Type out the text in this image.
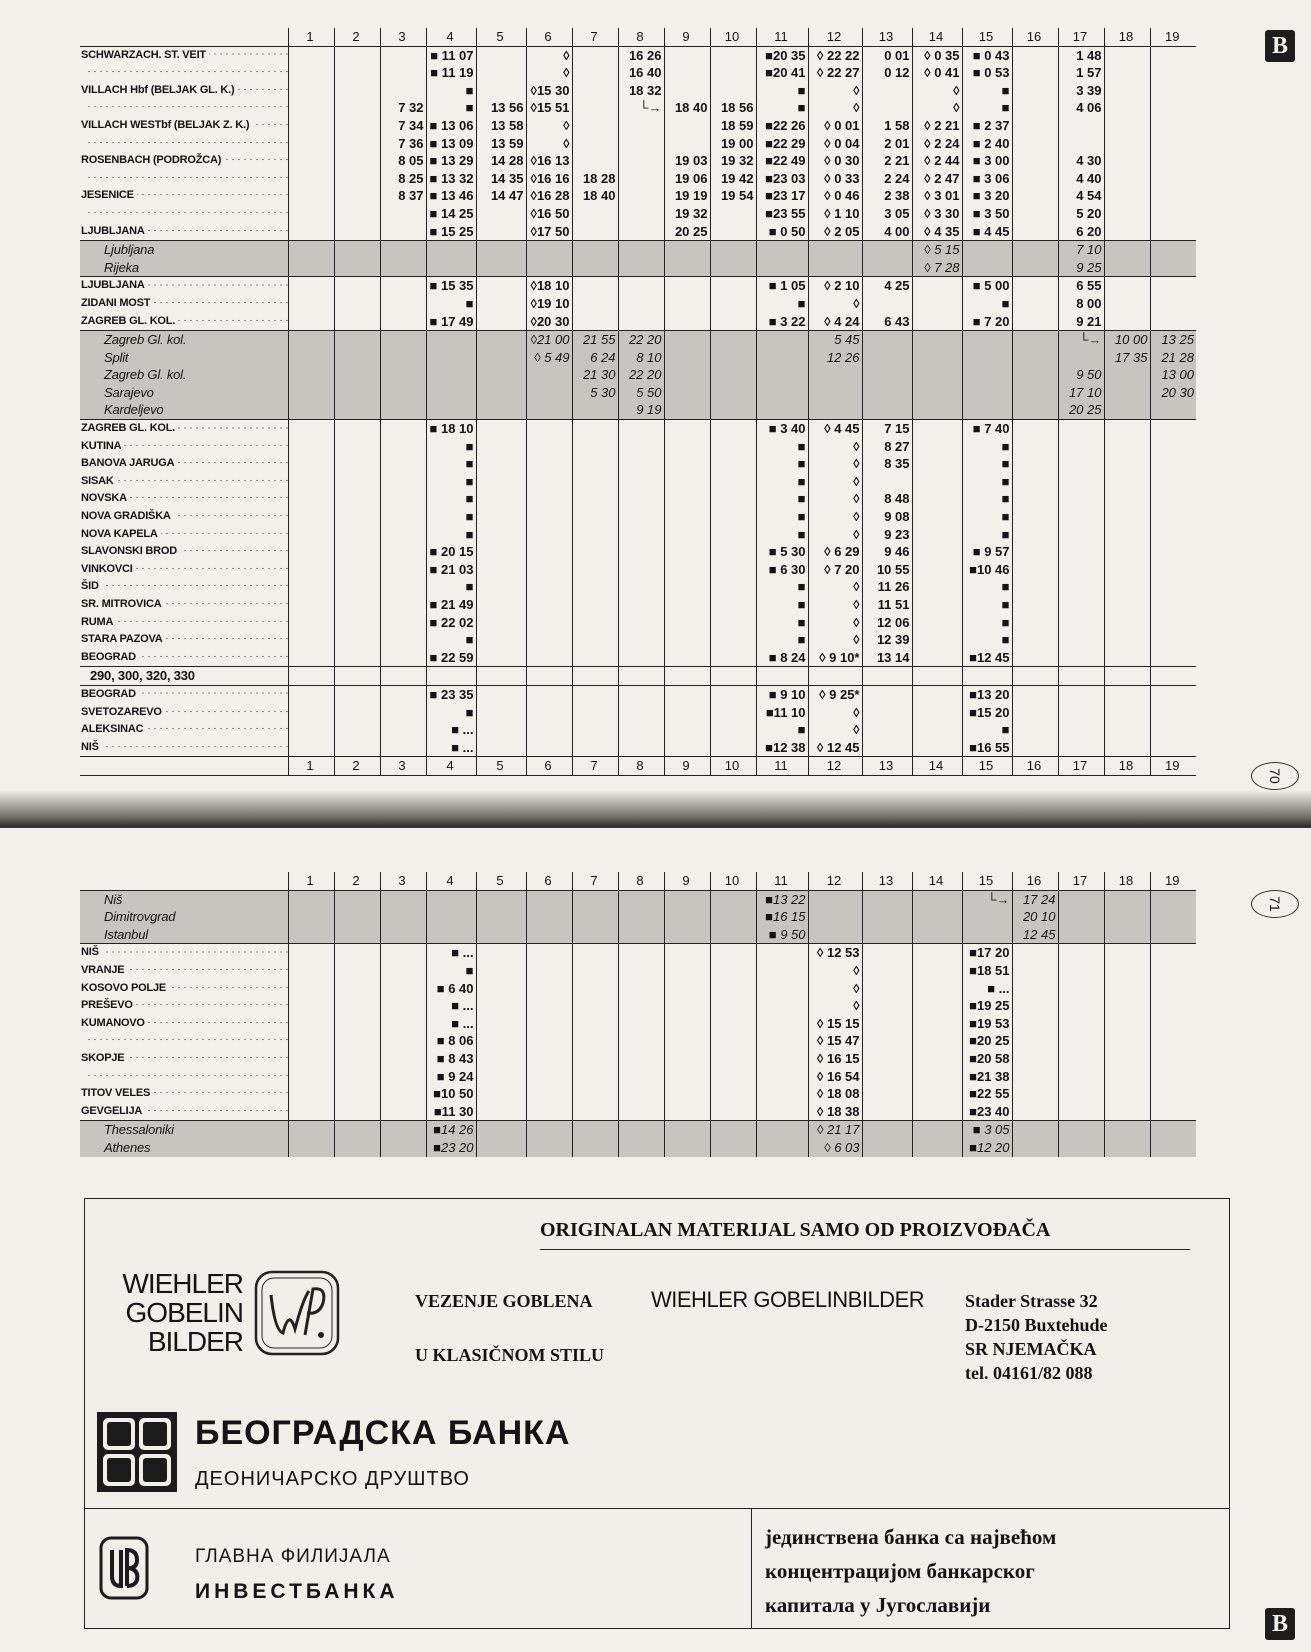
	1	2	3	4	5	6	7	8	9	10	11	12	13	14	15	16	17	18	19
SCHWARZACH. ST. VEIT				■ 11 07		◊		16 26			■20 35	◊ 22 22	0 01	◊ 0 35	■ 0 43		1 48		
				■ 11 19		◊		16 40			■20 41	◊ 22 27	0 12	◊ 0 41	■ 0 53		1 57		
VILLACH Hbf (BELJAK GL. K.)				■		◊15 30		18 32			■	◊		◊	■		3 39		
			7 32	■	13 56	◊15 51		└→	18 40	18 56	■	◊		◊	■		4 06		
VILLACH WESTbf (BELJAK Z. K.)			7 34	■ 13 06	13 58	◊				18 59	■22 26	◊ 0 01	1 58	◊ 2 21	■ 2 37				
			7 36	■ 13 09	13 59	◊				19 00	■22 29	◊ 0 04	2 01	◊ 2 24	■ 2 40				
ROSENBACH (PODROŽCA)			8 05	■ 13 29	14 28	◊16 13			19 03	19 32	■22 49	◊ 0 30	2 21	◊ 2 44	■ 3 00		4 30		
			8 25	■ 13 32	14 35	◊16 16	18 28		19 06	19 42	■23 03	◊ 0 33	2 24	◊ 2 47	■ 3 06		4 40		
JESENICE			8 37	■ 13 46	14 47	◊16 28	18 40		19 19	19 54	■23 17	◊ 0 46	2 38	◊ 3 01	■ 3 20		4 54		
				■ 14 25		◊16 50			19 32		■23 55	◊ 1 10	3 05	◊ 3 30	■ 3 50		5 20		
LJUBLJANA				■ 15 25		◊17 50			20 25		■ 0 50	◊ 2 05	4 00	◊ 4 35	■ 4 45		6 20		
Ljubljana														◊ 5 15			7 10		
Rijeka														◊ 7 28			9 25		
LJUBLJANA				■ 15 35		◊18 10					■ 1 05	◊ 2 10	4 25		■ 5 00		6 55		
ZIDANI MOST				■		◊19 10					■	◊			■		8 00		
ZAGREB GL. KOL.				■ 17 49		◊20 30					■ 3 22	◊ 4 24	6 43		■ 7 20		9 21		
Zagreb Gl. kol.						◊21 00	21 55	22 20				5 45					└→	10 00	13 25
Split						◊ 5 49	6 24	8 10				12 26						17 35	21 28
Zagreb Gl. kol.							21 30	22 20									9 50		13 00
Sarajevo							5 30	5 50									17 10		20 30
Kardeljevo								9 19									20 25		
ZAGREB GL. KOL.				■ 18 10							■ 3 40	◊ 4 45	7 15		■ 7 40				
KUTINA				■							■	◊	8 27		■				
BANOVA JARUGA				■							■	◊	8 35		■				
SISAK				■							■	◊			■				
NOVSKA				■							■	◊	8 48		■				
NOVA GRADIŠKA				■							■	◊	9 08		■				
NOVA KAPELA				■							■	◊	9 23		■				
SLAVONSKI BROD				■ 20 15							■ 5 30	◊ 6 29	9 46		■ 9 57				
VINKOVCI				■ 21 03							■ 6 30	◊ 7 20	10 55		■10 46				
ŠID				■							■	◊	11 26		■				
SR. MITROVICA				■ 21 49							■	◊	11 51		■				
RUMA				■ 22 02							■	◊	12 06		■				
STARA PAZOVA				■							■	◊	12 39		■				
BEOGRAD				■ 22 59							■ 8 24	◊ 9 10*	13 14		■12 45				
290, 300, 320, 330																			
BEOGRAD				■ 23 35							■ 9 10	◊ 9 25*			■13 20				
SVETOZAREVO				■							■11 10	◊			■15 20				
ALEKSINAC				■ ...							■	◊			■				
NIŠ				■ ...							■12 38	◊ 12 45			■16 55				
	1	2	3	4	5	6	7	8	9	10	11	12	13	14	15	16	17	18	19
B
70
	1	2	3	4	5	6	7	8	9	10	11	12	13	14	15	16	17	18	19
Niš											■13 22				└→	17 24			
Dimitrovgrad											■16 15					20 10			
Istanbul											■ 9 50					12 45			
NIŠ				■ ...								◊ 12 53			■17 20				
VRANJE				■								◊			■18 51				
KOSOVO POLJE				■ 6 40								◊			■ ...				
PREŠEVO				■ ...								◊			■19 25				
KUMANOVO				■ ...								◊ 15 15			■19 53				
				■ 8 06								◊ 15 47			■20 25				
SKOPJE				■ 8 43								◊ 16 15			■20 58				
				■ 9 24								◊ 16 54			■21 38				
TITOV VELES				■10 50								◊ 18 08			■22 55				
GEVGELIJA				■11 30								◊ 18 38			■23 40				
Thessaloniki				■14 26								◊ 21 17			■ 3 05				
Athenes				■23 20								◊ 6 03			■12 20				
71
ORIGINALAN MATERIJAL SAMO OD PROIZVOĐAČA
WIEHLER
GOBELIN
BILDER
VEZENJE GOBLENA	WIEHLER GOBELINBILDER
U KLASIČNOM STILU
Stader Strasse 32
D-2150 Buxtehude
SR NJEMAČKA
tel. 04161/82 088
БЕОГРАДСКА БАНКА
ДЕОНИЧАРСКО ДРУШТВО
ГЛАВНА ФИЛИЈАЛА
ИНВЕСТБАНКА
јединствена банка са највећом
концентрацијом банкарског
капитала у Југославији
B
